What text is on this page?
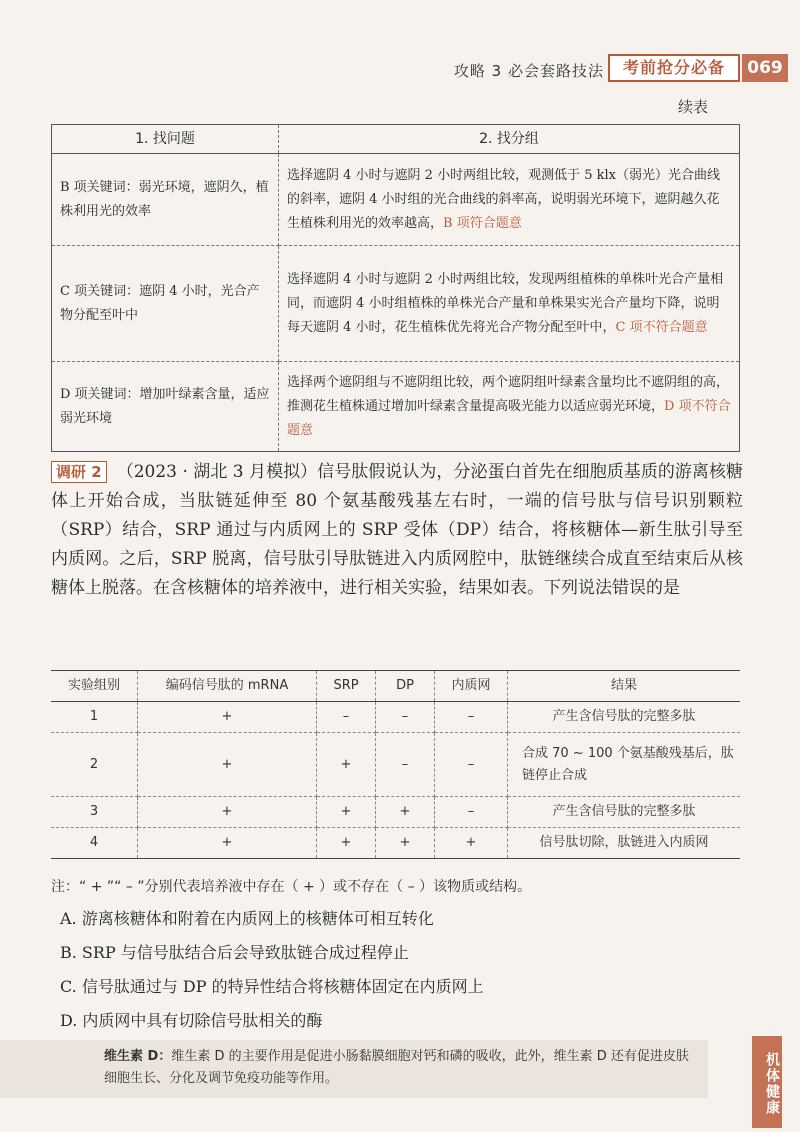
攻略 3 必会套路技法	考前抢分必备	069
续表
1. 找问题	2. 找分组
B 项关键词：弱光环境，遮阴久，植株利用光的效率	选择遮阴 4 小时与遮阴 2 小时两组比较，观测低于 5 klx（弱光）光合曲线的斜率，遮阴 4 小时组的光合曲线的斜率高，说明弱光环境下，遮阴越久花生植株利用光的效率越高，B 项符合题意
C 项关键词：遮阴 4 小时，光合产物分配至叶中	选择遮阴 4 小时与遮阴 2 小时两组比较，发现两组植株的单株叶光合产量相同，而遮阴 4 小时组植株的单株光合产量和单株果实光合产量均下降，说明每天遮阴 4 小时，花生植株优先将光合产物分配至叶中，C 项不符合题意
D 项关键词：增加叶绿素含量，适应弱光环境	选择两个遮阴组与不遮阴组比较，两个遮阴组叶绿素含量均比不遮阴组的高，推测花生植株通过增加叶绿素含量提高吸光能力以适应弱光环境，D 项不符合题意

调研 2 （2023 · 湖北 3 月模拟）信号肽假说认为，分泌蛋白首先在细胞质基质的游离核糖体上开始合成，当肽链延伸至 80 个氨基酸残基左右时，一端的信号肽与信号识别颗粒（SRP）结合，SRP 通过与内质网上的 SRP 受体（DP）结合，将核糖体—新生肽引导至内质网。之后，SRP 脱离，信号肽引导肽链进入内质网腔中，肽链继续合成直至结束后从核糖体上脱落。在含核糖体的培养液中，进行相关实验，结果如表。下列说法错误的是

实验组别	编码信号肽的 mRNA	SRP	DP	内质网	结果
1	+	–	–	–	产生含信号肽的完整多肽
2	+	+	–	–	合成 70 ~ 100 个氨基酸残基后，肽链停止合成
3	+	+	+	–	产生含信号肽的完整多肽
4	+	+	+	+	信号肽切除，肽链进入内质网

注：“ + ”“ – ”分别代表培养液中存在（ + ）或不存在（ – ）该物质或结构。

A. 游离核糖体和附着在内质网上的核糖体可相互转化
B. SRP 与信号肽结合后会导致肽链合成过程停止
C. 信号肽通过与 DP 的特异性结合将核糖体固定在内质网上
D. 内质网中具有切除信号肽相关的酶
维生素 D：维生素 D 的主要作用是促进小肠黏膜细胞对钙和磷的吸收，此外，维生素 D 还有促进皮肤细胞生长、分化及调节免疫功能等作用。	机体健康
